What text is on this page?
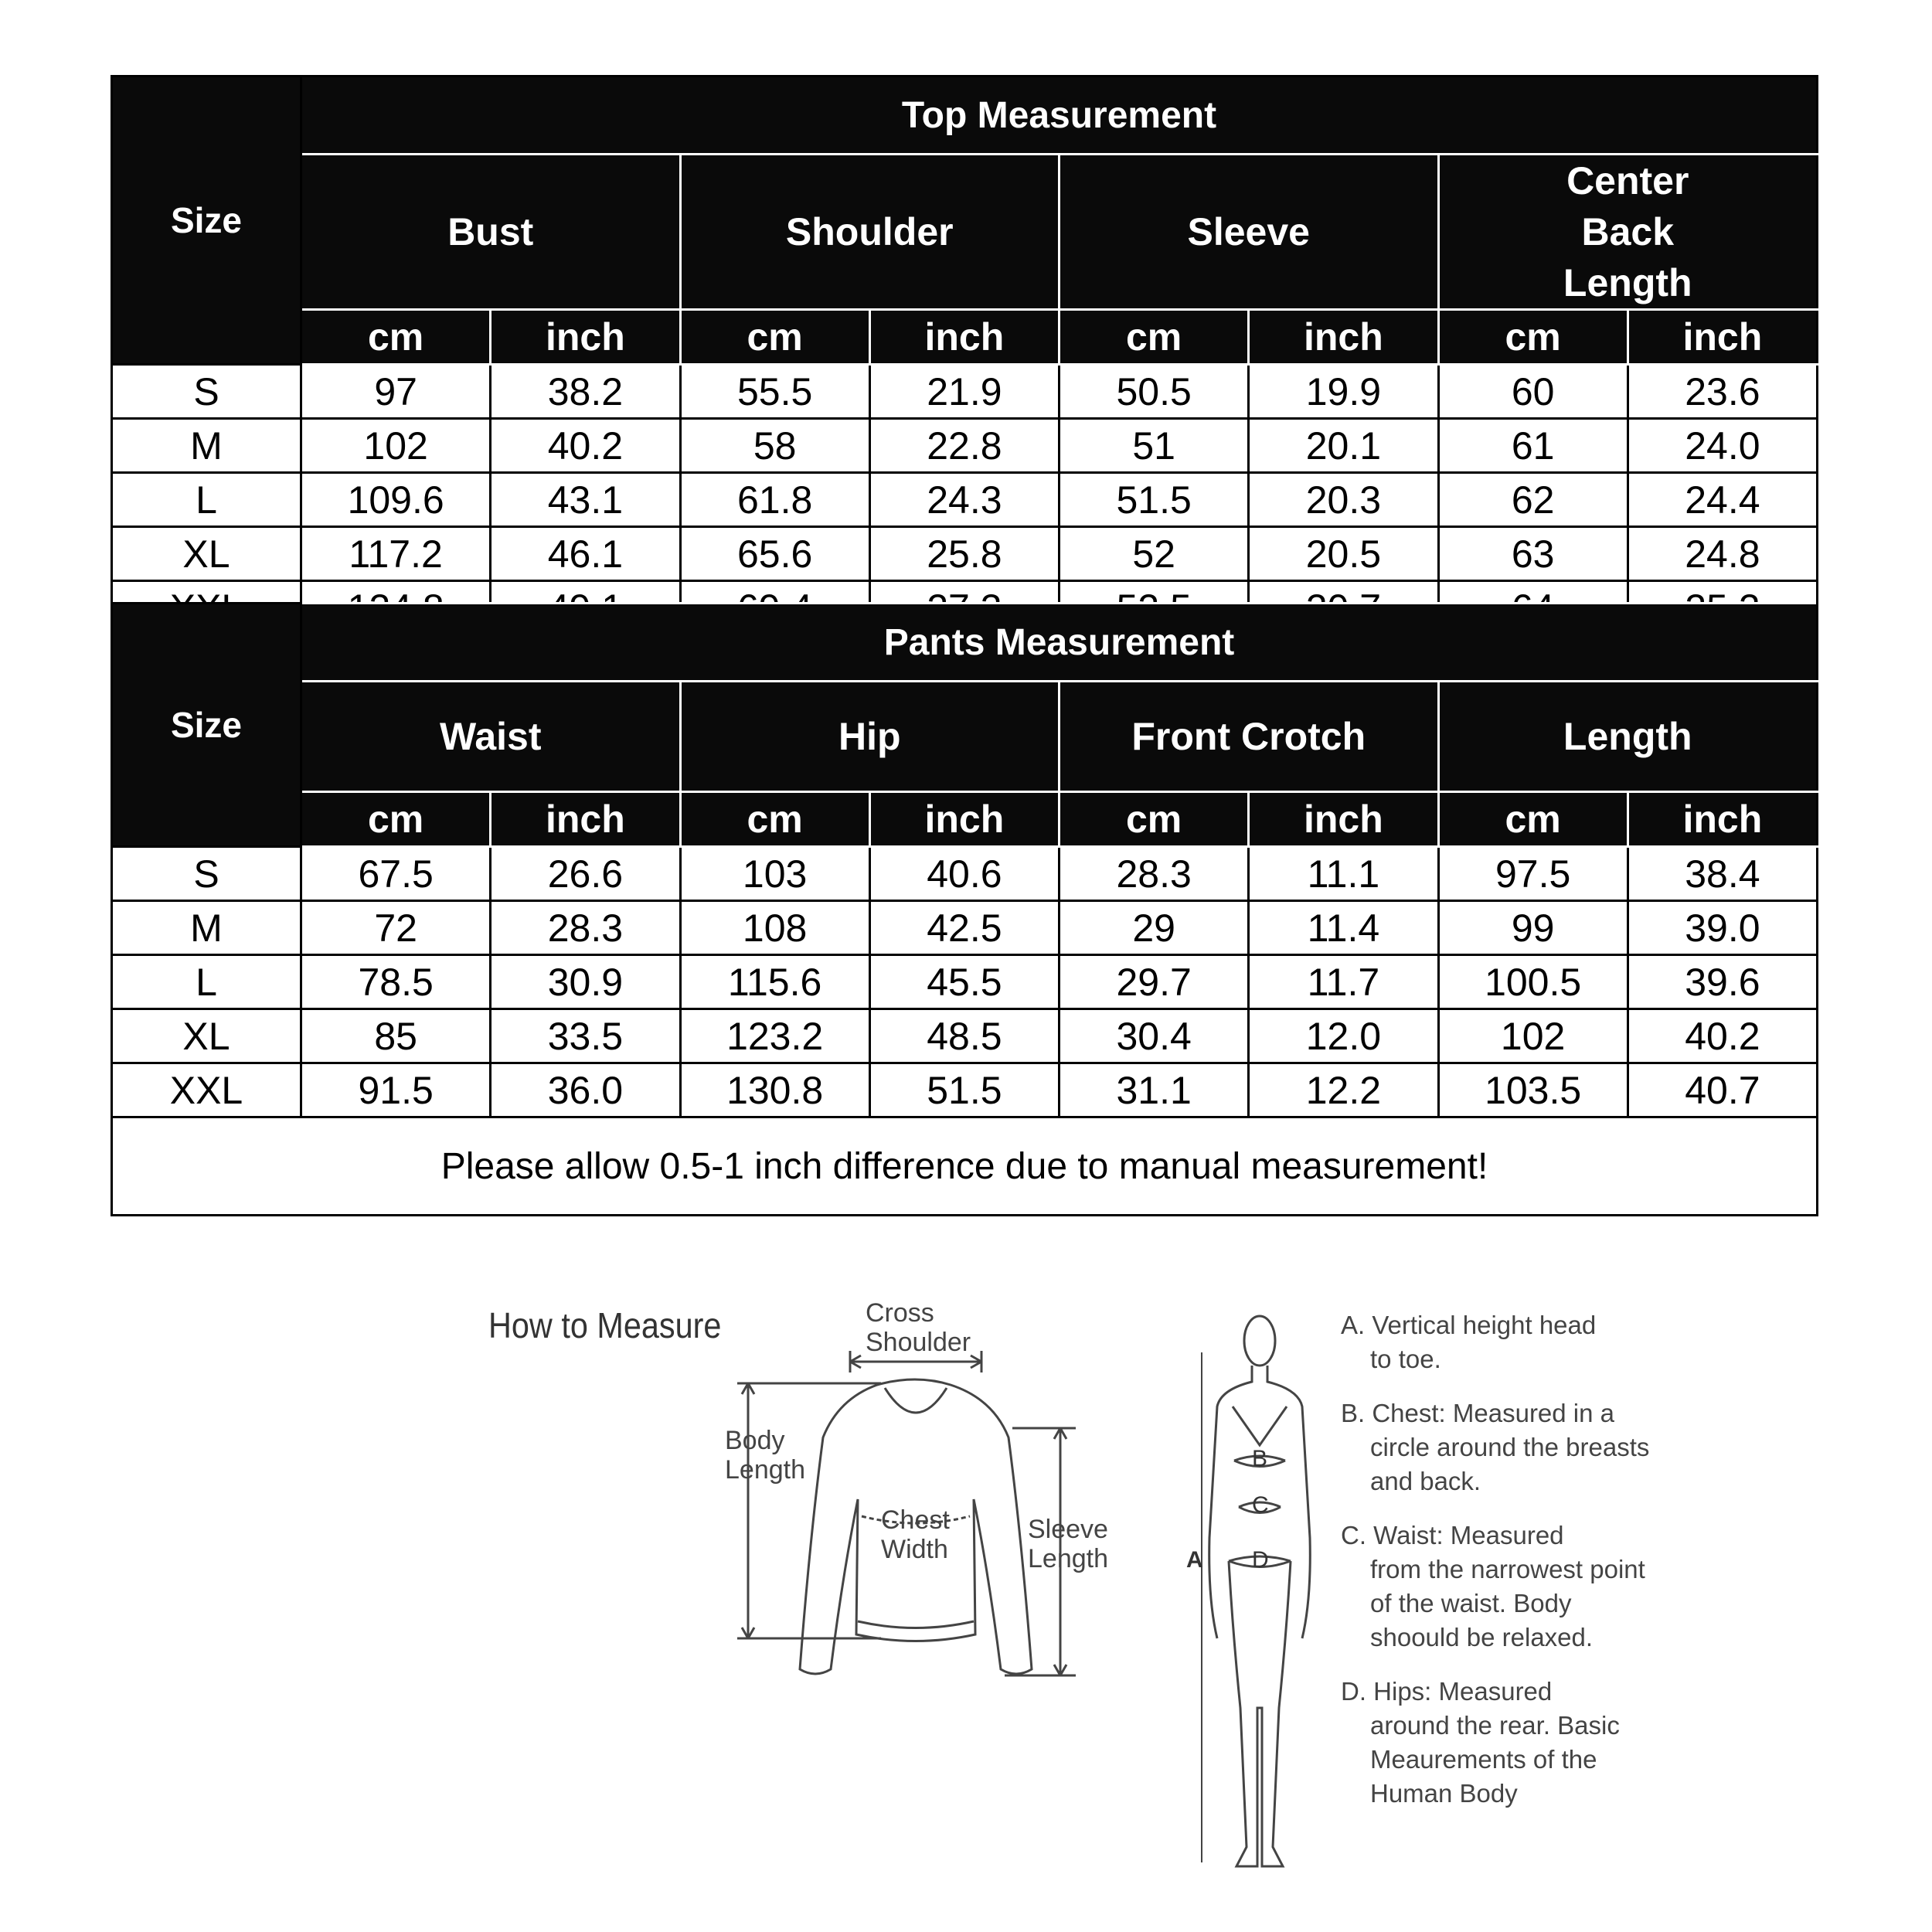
Size	Top Measurement							
	Bust		Shoulder		Sleeve		Center Back Length	
	cm	inch	cm	inch	cm	inch	cm	inch
S	97	38.2	55.5	21.9	50.5	19.9	60	23.6
M	102	40.2	58	22.8	51	20.1	61	24.0
L	109.6	43.1	61.8	24.3	51.5	20.3	62	24.4
XL	117.2	46.1	65.6	25.8	52	20.5	63	24.8

Size	Pants Measurement							
	Waist		Hip		Front Crotch		Length	
	cm	inch	cm	inch	cm	inch	cm	inch
S	67.5	26.6	103	40.6	28.3	11.1	97.5	38.4
M	72	28.3	108	42.5	29	11.4	99	39.0
L	78.5	30.9	115.6	45.5	29.7	11.7	100.5	39.6
XL	85	33.5	123.2	48.5	30.4	12.0	102	40.2
XXL	91.5	36.0	130.8	51.5	31.1	12.2	103.5	40.7
Please allow 0.5-1 inch difference due to manual measurement!								
How to Measure	Cross Shoulder
Body Length
Chest Width
Sleeve Length
B
C
D
A
A. Vertical height head
to toe.
B. Chest: Measured in a
circle around the breasts and back.
C. Waist: Measured
from the narrowest point of the waist. Body shoould be relaxed.
D. Hips: Measured
around the rear. Basic Meaurements of the Human Body
